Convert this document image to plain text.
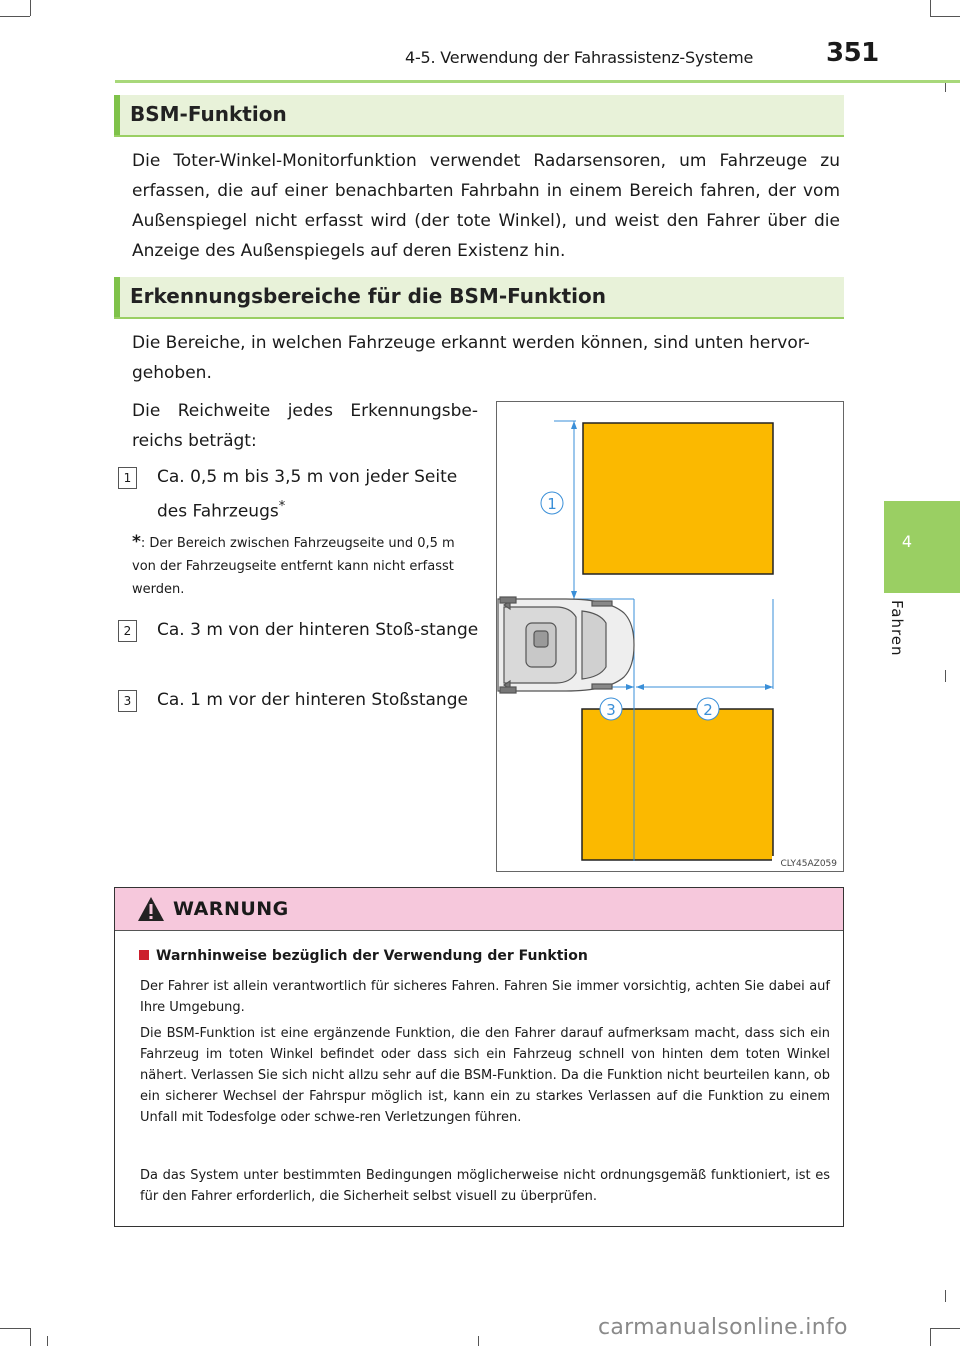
4-5. Verwendung der Fahrassistenz-Systeme	351
4
Fahren
BSM-Funktion

Die Toter-Winkel-Monitorfunktion verwendet Radarsensoren, um Fahrzeuge zu erfassen, die auf einer benachbarten Fahrbahn in einem Bereich fahren, der vom Außenspiegel nicht erfasst wird (der tote Winkel), und weist den Fahrer über die Anzeige des Außenspiegels auf deren Existenz hin.

Erkennungsbereiche für die BSM-Funktion

Die Bereiche, in welchen Fahrzeuge erkannt werden können, sind unten hervor-gehoben.

Die Reichweite jedes Erkennungsbe-reichs beträgt:

1	Ca. 0,5 m bis 3,5 m von jeder Seite des Fahrzeugs*

*: Der Bereich zwischen Fahrzeugseite und 0,5 m von der Fahrzeugseite entfernt kann nicht erfasst werden.
2	Ca. 3 m von der hinteren Stoß-stange

3	Ca. 1 m vor der hinteren Stoßstange

1
3	2
CLY45AZ059
WARNUNG
Warnhinweise bezüglich der Verwendung der Funktion

Der Fahrer ist allein verantwortlich für sicheres Fahren. Fahren Sie immer vorsichtig, achten Sie dabei auf Ihre Umgebung.

Die BSM-Funktion ist eine ergänzende Funktion, die den Fahrer darauf aufmerksam macht, dass sich ein Fahrzeug im toten Winkel befindet oder dass sich ein Fahrzeug schnell von hinten dem toten Winkel nähert. Verlassen Sie sich nicht allzu sehr auf die BSM-Funktion. Da die Funktion nicht beurteilen kann, ob ein sicherer Wechsel der Fahrspur möglich ist, kann ein zu starkes Verlassen auf die Funktion zu einem Unfall mit Todesfolge oder schwe-ren Verletzungen führen.

Da das System unter bestimmten Bedingungen möglicherweise nicht ordnungsgemäß funktioniert, ist es für den Fahrer erforderlich, die Sicherheit selbst visuell zu überprüfen.

carmanualsonline.info
